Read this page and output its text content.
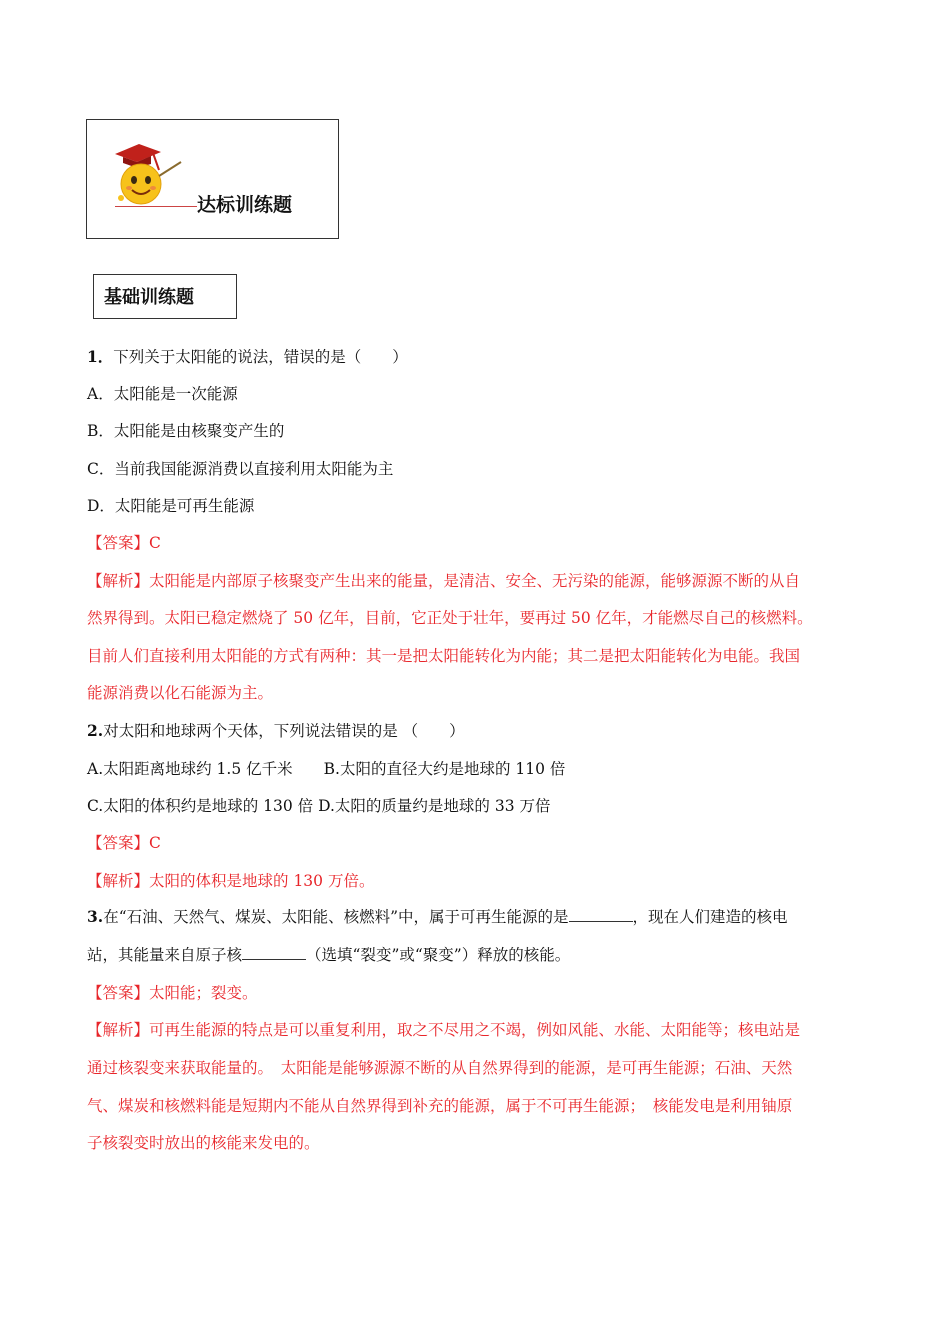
达标训练题
基础训练题
1．下列关于太阳能的说法，错误的是（　　）
A．太阳能是一次能源
B．太阳能是由核聚变产生的
C．当前我国能源消费以直接利用太阳能为主
D．太阳能是可再生能源
【答案】C
【解析】太阳能是内部原子核聚变产生出来的能量，是清洁、安全、无污染的能源，能够源源不断的从自
然界得到。太阳已稳定燃烧了 50 亿年，目前，它正处于壮年，要再过 50 亿年，才能燃尽自己的核燃料。
目前人们直接利用太阳能的方式有两种：其一是把太阳能转化为内能；其二是把太阳能转化为电能。我国
能源消费以化石能源为主。
2.对太阳和地球两个天体，下列说法错误的是 （　　）
A.太阳距离地球约 1.5 亿千米　　B.太阳的直径大约是地球的 110 倍
C.太阳的体积约是地球的 130 倍 D.太阳的质量约是地球的 33 万倍
【答案】C
【解析】太阳的体积是地球的 130 万倍。
3.在“石油、天然气、煤炭、太阳能、核燃料”中，属于可再生能源的是	，现在人们建造的核电
站，其能量来自原子核	（选填“裂变”或“聚变”）释放的核能。
【答案】太阳能；裂变。
【解析】可再生能源的特点是可以重复利用，取之不尽用之不竭，例如风能、水能、太阳能等；核电站是
通过核裂变来获取能量的。　太阳能是能够源源不断的从自然界得到的能源，是可再生能源；石油、天然
气、煤炭和核燃料能是短期内不能从自然界得到补充的能源，属于不可再生能源；　核能发电是利用铀原
子核裂变时放出的核能来发电的。
